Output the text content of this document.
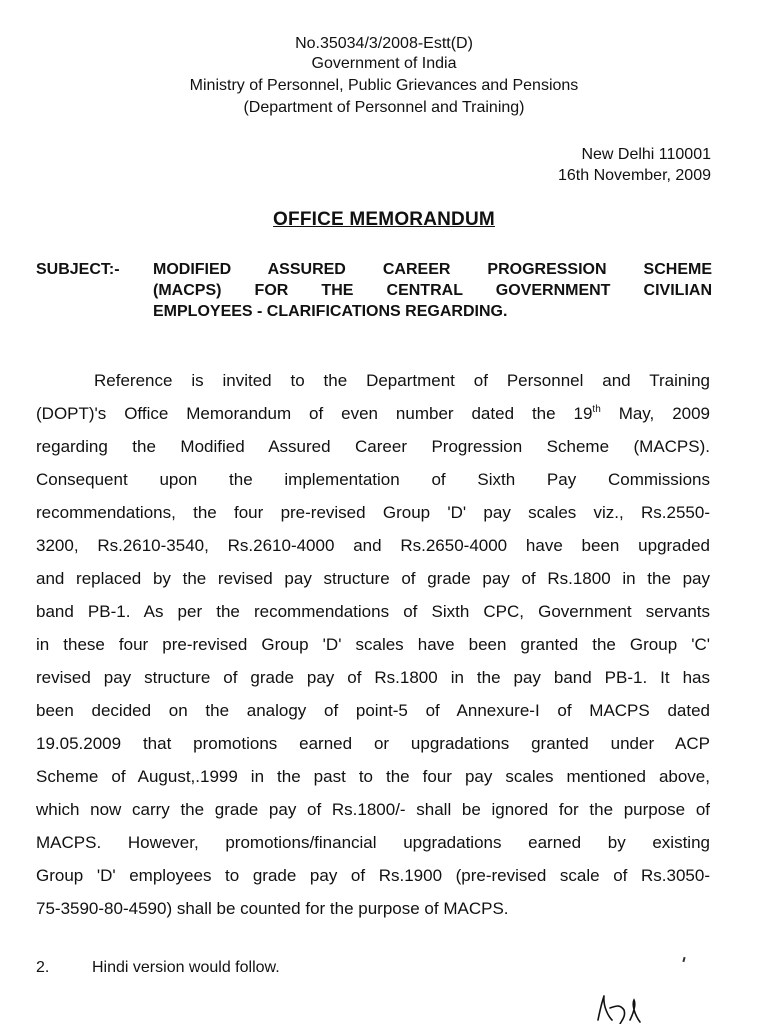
No.35034/3/2008-Estt(D)
Government of India
Ministry of Personnel, Public Grievances and Pensions
(Department of Personnel and Training)
New Delhi 110001
16th November, 2009
OFFICE MEMORANDUM
SUBJECT:- MODIFIED ASSURED CAREER PROGRESSION SCHEME
(MACPS) FOR THE CENTRAL GOVERNMENT CIVILIAN
EMPLOYEES - CLARIFICATIONS REGARDING.
Reference is invited to the Department of Personnel and Training
(DOPT)'s Office Memorandum of even number dated the 19th May, 2009
regarding the Modified Assured Career Progression Scheme (MACPS).
Consequent upon the implementation of Sixth Pay Commissions
recommendations, the four pre-revised Group 'D' pay scales viz., Rs.2550-
3200, Rs.2610-3540, Rs.2610-4000 and Rs.2650-4000 have been upgraded
and replaced by the revised pay structure of grade pay of Rs.1800 in the pay
band PB-1. As per the recommendations of Sixth CPC, Government servants
in these four pre-revised Group 'D' scales have been granted the Group 'C'
revised pay structure of grade pay of Rs.1800 in the pay band PB-1. It has
been decided on the analogy of point-5 of Annexure-I of MACPS dated
19.05.2009 that promotions earned or upgradations granted under ACP
Scheme of August,.1999 in the past to the four pay scales mentioned above,
which now carry the grade pay of Rs.1800/- shall be ignored for the purpose of
MACPS. However, promotions/financial upgradations earned by existing
Group 'D' employees to grade pay of Rs.1900 (pre-revised scale of Rs.3050-
75-3590-80-4590) shall be counted for the purpose of MACPS.
2.	Hindi version would follow.
